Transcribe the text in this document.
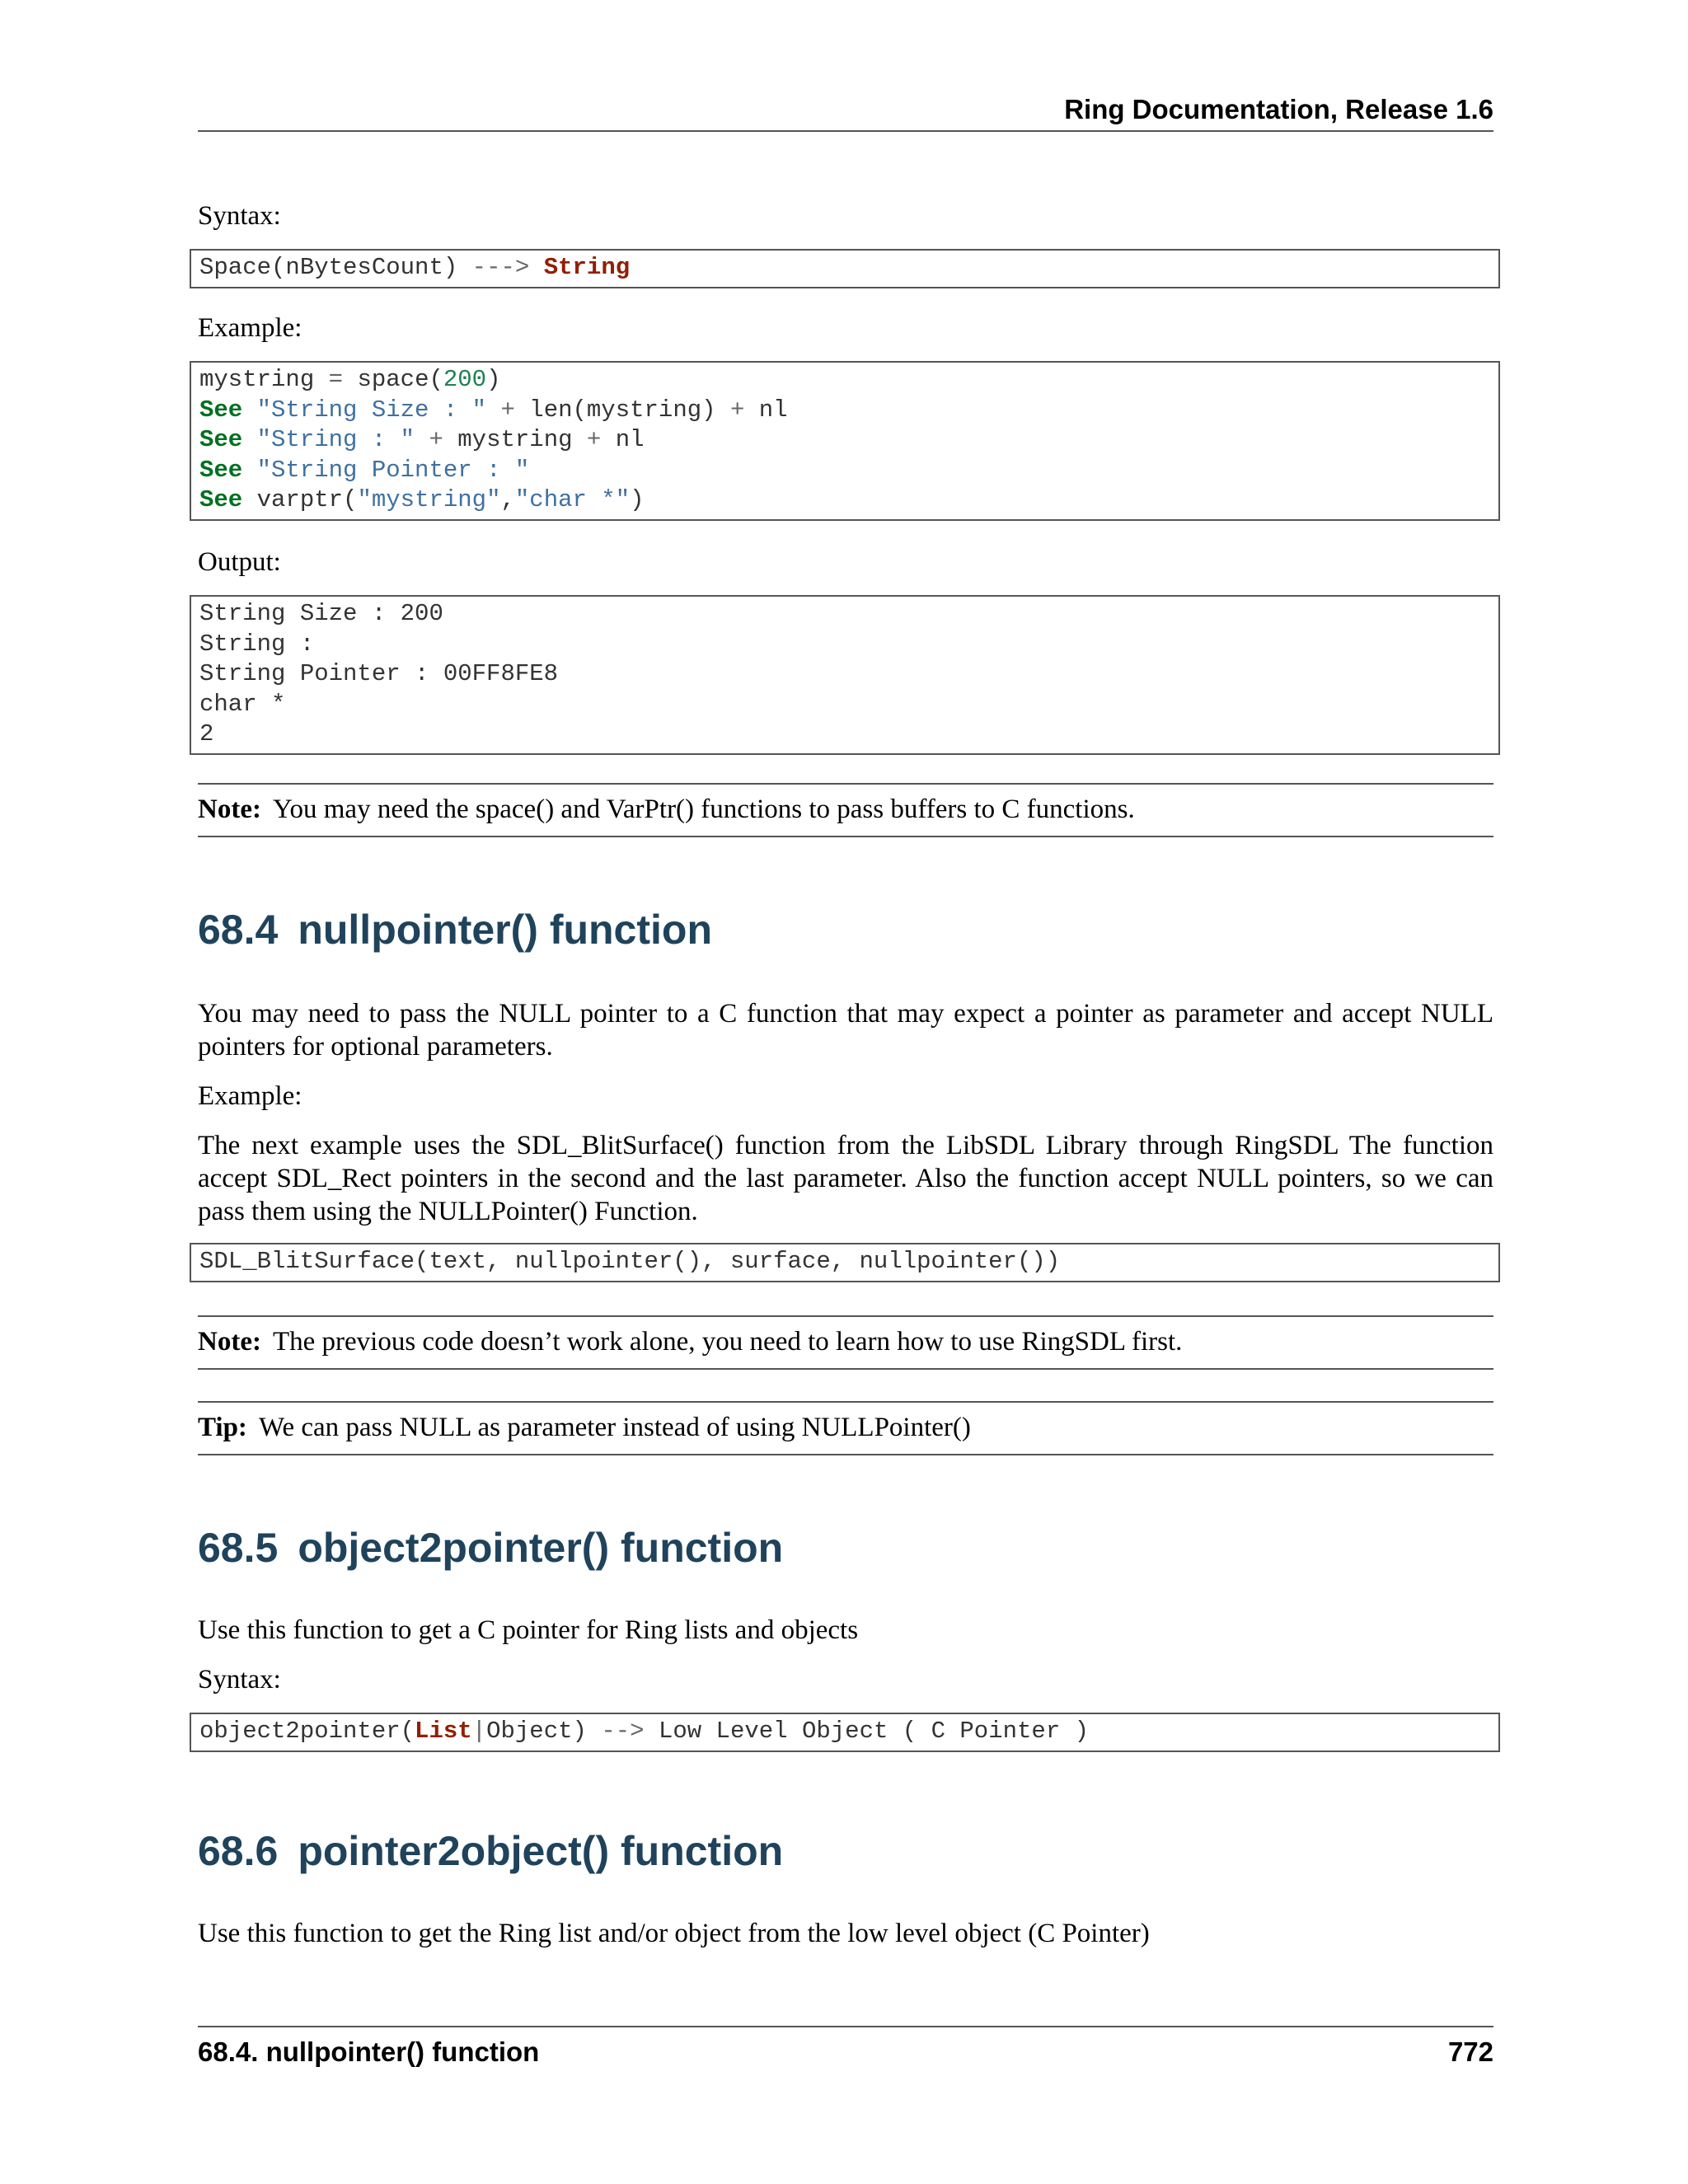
Ring Documentation, Release 1.6
Syntax:
Space(nBytesCount) ---> String
Example:
mystring = space(200)
See "String Size : " + len(mystring) + nl
See "String : " + mystring + nl
See "String Pointer : "
See varptr("mystring","char *")
Output:
String Size : 200
String :
String Pointer : 00FF8FE8
char *
2
Note: You may need the space() and VarPtr() functions to pass buffers to C functions.
68.4 nullpointer() function
You may need to pass the NULL pointer to a C function that may expect a pointer as parameter and accept NULL pointers for optional parameters.
Example:
The next example uses the SDL_BlitSurface() function from the LibSDL Library through RingSDL The function accept SDL_Rect pointers in the second and the last parameter. Also the function accept NULL pointers, so we can pass them using the NULLPointer() Function.
SDL_BlitSurface(text, nullpointer(), surface, nullpointer())
Note: The previous code doesn’t work alone, you need to learn how to use RingSDL first.
Tip: We can pass NULL as parameter instead of using NULLPointer()
68.5 object2pointer() function
Use this function to get a C pointer for Ring lists and objects
Syntax:
object2pointer(List|Object) --> Low Level Object ( C Pointer )
68.6 pointer2object() function
Use this function to get the Ring list and/or object from the low level object (C Pointer)
68.4. nullpointer() function	772
